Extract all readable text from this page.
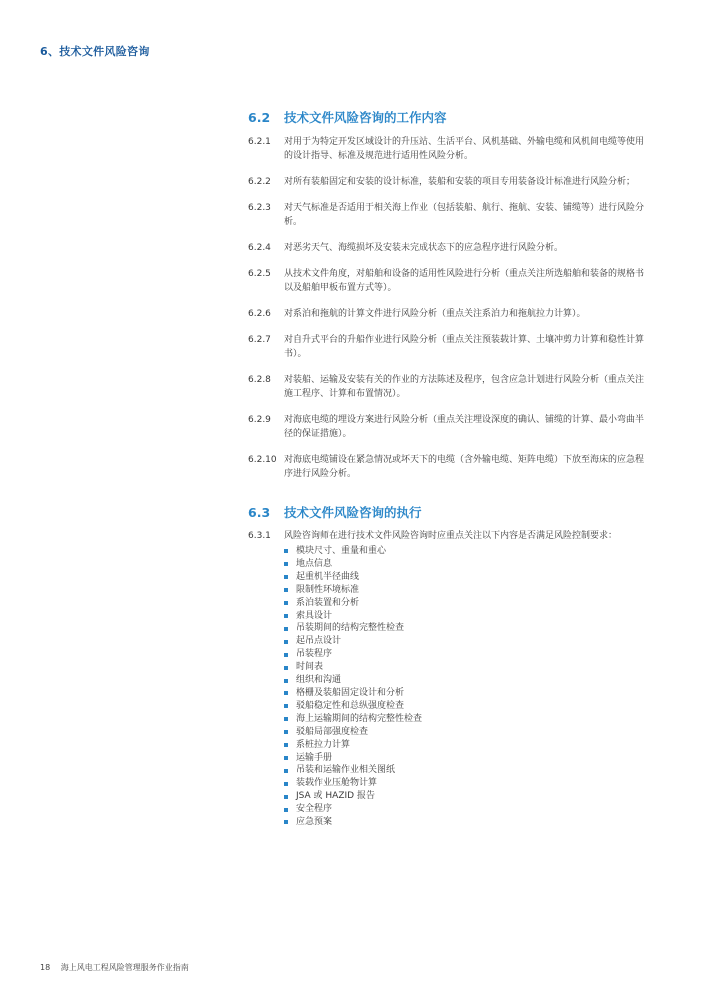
6、技术文件风险咨询
6.2	技术文件风险咨询的工作内容
6.2.1	对用于为特定开发区域设计的升压站、生活平台、风机基础、外输电缆和风机间电缆等使用的设计指导、标准及规范进行适用性风险分析。
6.2.2	对所有装船固定和安装的设计标准，装船和安装的项目专用装备设计标准进行风险分析；
6.2.3	对天气标准是否适用于相关海上作业（包括装船、航行、拖航、安装、铺缆等）进行风险分析。
6.2.4	对恶劣天气、海缆损坏及安装未完成状态下的应急程序进行风险分析。
6.2.5	从技术文件角度，对船舶和设备的适用性风险进行分析（重点关注所选船舶和装备的规格书以及船舶甲板布置方式等）。
6.2.6	对系泊和拖航的计算文件进行风险分析（重点关注系泊力和拖航拉力计算）。
6.2.7	对自升式平台的升船作业进行风险分析（重点关注预装载计算、土壤冲剪力计算和稳性计算书）。
6.2.8	对装船、运输及安装有关的作业的方法陈述及程序，包含应急计划进行风险分析（重点关注施工程序、计算和布置情况）。
6.2.9	对海底电缆的埋设方案进行风险分析（重点关注埋设深度的确认、铺缆的计算、最小弯曲半径的保证措施）。
6.2.10 对海底电缆铺设在紧急情况或坏天下的电缆（含外输电缆、矩阵电缆）下放至海床的应急程序进行风险分析。
6.3	技术文件风险咨询的执行
6.3.1	风险咨询师在进行技术文件风险咨询时应重点关注以下内容是否满足风险控制要求：
模块尺寸、重量和重心
地点信息
起重机半径曲线
限制性环境标准
系泊装置和分析
索具设计
吊装期间的结构完整性检查
起吊点设计
吊装程序
时间表
组织和沟通
格栅及装船固定设计和分析
驳船稳定性和总纵强度检查
海上运输期间的结构完整性检查
驳船局部强度检查
系桩拉力计算
运输手册
吊装和运输作业相关图纸
装载作业压舱物计算
JSA 或 HAZID 报告
安全程序
应急预案
18 海上风电工程风险管理服务作业指南
